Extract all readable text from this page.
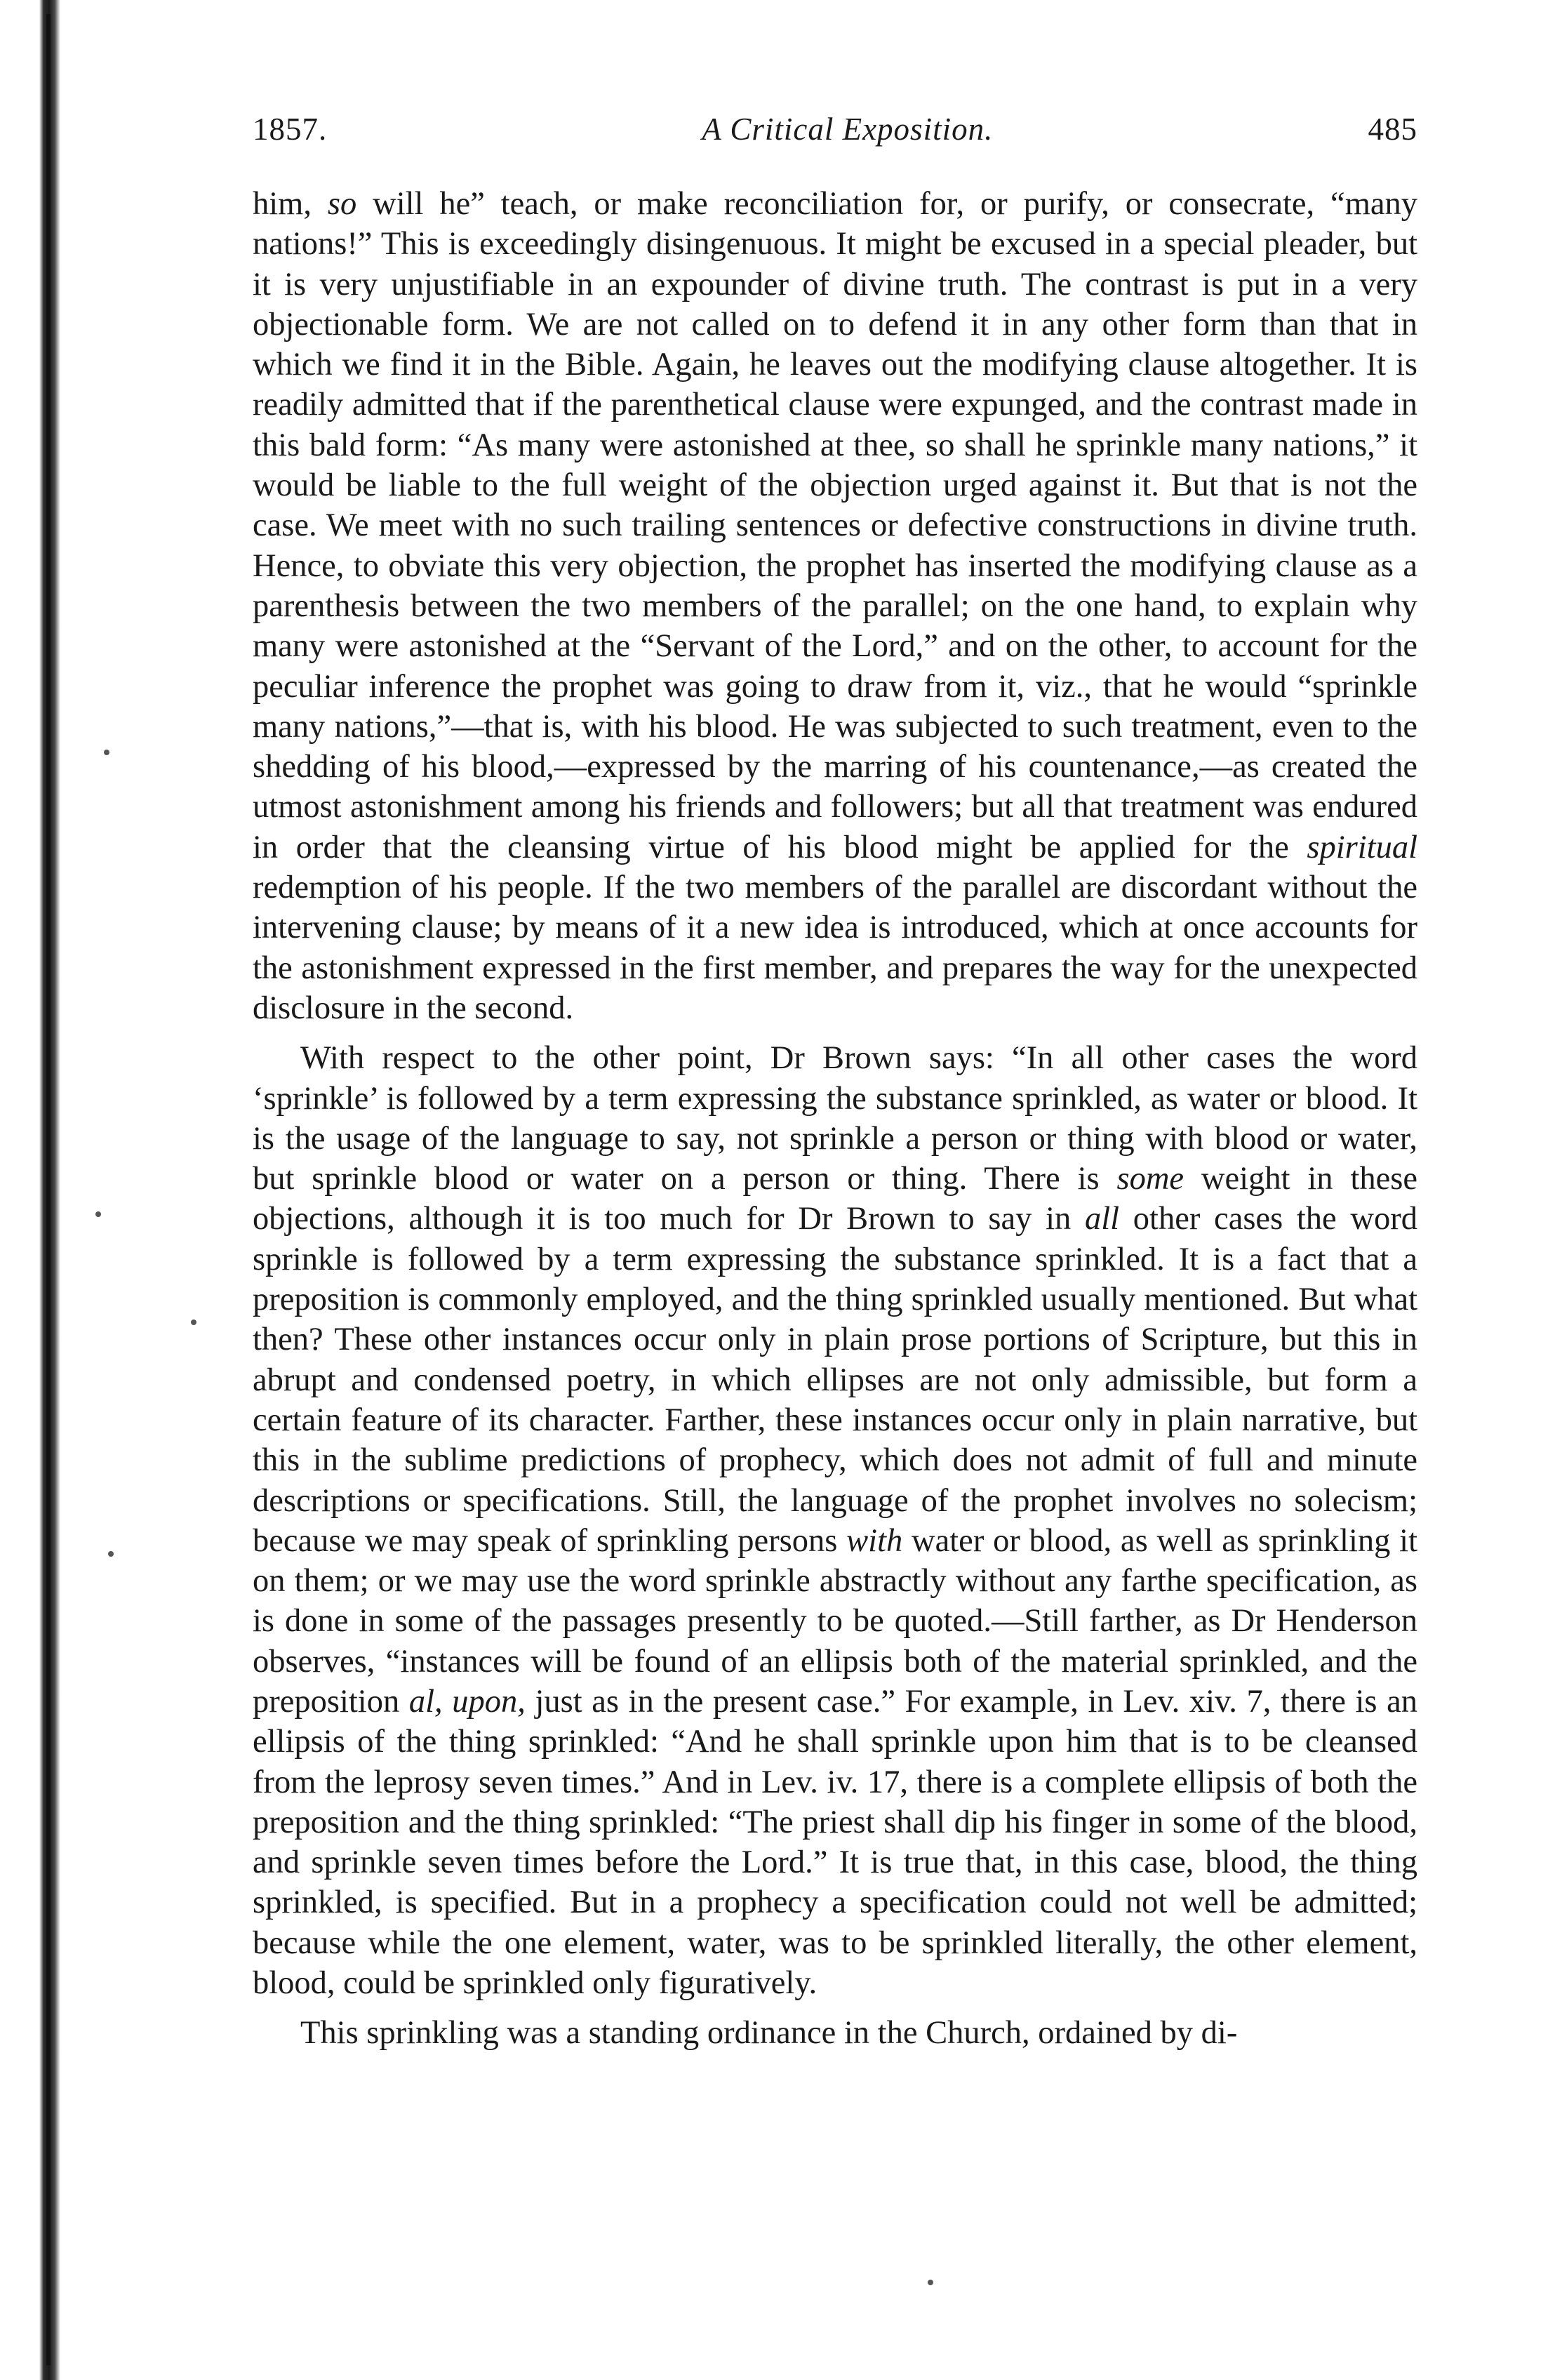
1857.	A Critical Exposition.	485

him, so will he” teach, or make reconciliation for, or purify, or consecrate, “many nations!” This is exceedingly disingenuous. It might be excused in a special pleader, but it is very unjustifiable in an expounder of divine truth. The contrast is put in a very objectionable form. We are not called on to defend it in any other form than that in which we find it in the Bible. Again, he leaves out the modifying clause altogether. It is readily admitted that if the parenthetical clause were expunged, and the contrast made in this bald form: “As many were astonished at thee, so shall he sprinkle many nations,” it would be liable to the full weight of the objection urged against it. But that is not the case. We meet with no such trailing sentences or defective constructions in divine truth. Hence, to obviate this very objection, the prophet has inserted the modifying clause as a parenthesis between the two members of the parallel; on the one hand, to explain why many were astonished at the “Servant of the Lord,” and on the other, to account for the peculiar inference the prophet was going to draw from it, viz., that he would “sprinkle many nations,”—that is, with his blood. He was subjected to such treatment, even to the shedding of his blood,—expressed by the marring of his countenance,—as created the utmost astonishment among his friends and followers; but all that treatment was endured in order that the cleansing virtue of his blood might be applied for the spiritual redemption of his people. If the two members of the parallel are discordant without the intervening clause; by means of it a new idea is introduced, which at once accounts for the astonishment expressed in the first member, and prepares the way for the unexpected disclosure in the second.

With respect to the other point, Dr Brown says: “In all other cases the word ‘sprinkle’ is followed by a term expressing the substance sprinkled, as water or blood. It is the usage of the language to say, not sprinkle a person or thing with blood or water, but sprinkle blood or water on a person or thing. There is some weight in these objections, although it is too much for Dr Brown to say in all other cases the word sprinkle is followed by a term expressing the substance sprinkled. It is a fact that a preposition is commonly employed, and the thing sprinkled usually mentioned. But what then? These other instances occur only in plain prose portions of Scripture, but this in abrupt and condensed poetry, in which ellipses are not only admissible, but form a certain feature of its character. Farther, these instances occur only in plain narrative, but this in the sublime predictions of prophecy, which does not admit of full and minute descriptions or specifications. Still, the language of the prophet involves no solecism; because we may speak of sprinkling persons with water or blood, as well as sprinkling it on them; or we may use the word sprinkle abstractly without any farthe specification, as is done in some of the passages presently to be quoted.—Still farther, as Dr Henderson observes, “instances will be found of an ellipsis both of the material sprinkled, and the preposition al, upon, just as in the present case.” For example, in Lev. xiv. 7, there is an ellipsis of the thing sprinkled: “And he shall sprinkle upon him that is to be cleansed from the leprosy seven times.” And in Lev. iv. 17, there is a complete ellipsis of both the preposition and the thing sprinkled: “The priest shall dip his finger in some of the blood, and sprinkle seven times before the Lord.” It is true that, in this case, blood, the thing sprinkled, is specified. But in a prophecy a specification could not well be admitted; because while the one element, water, was to be sprinkled literally, the other element, blood, could be sprinkled only figuratively.

This sprinkling was a standing ordinance in the Church, ordained by di-
